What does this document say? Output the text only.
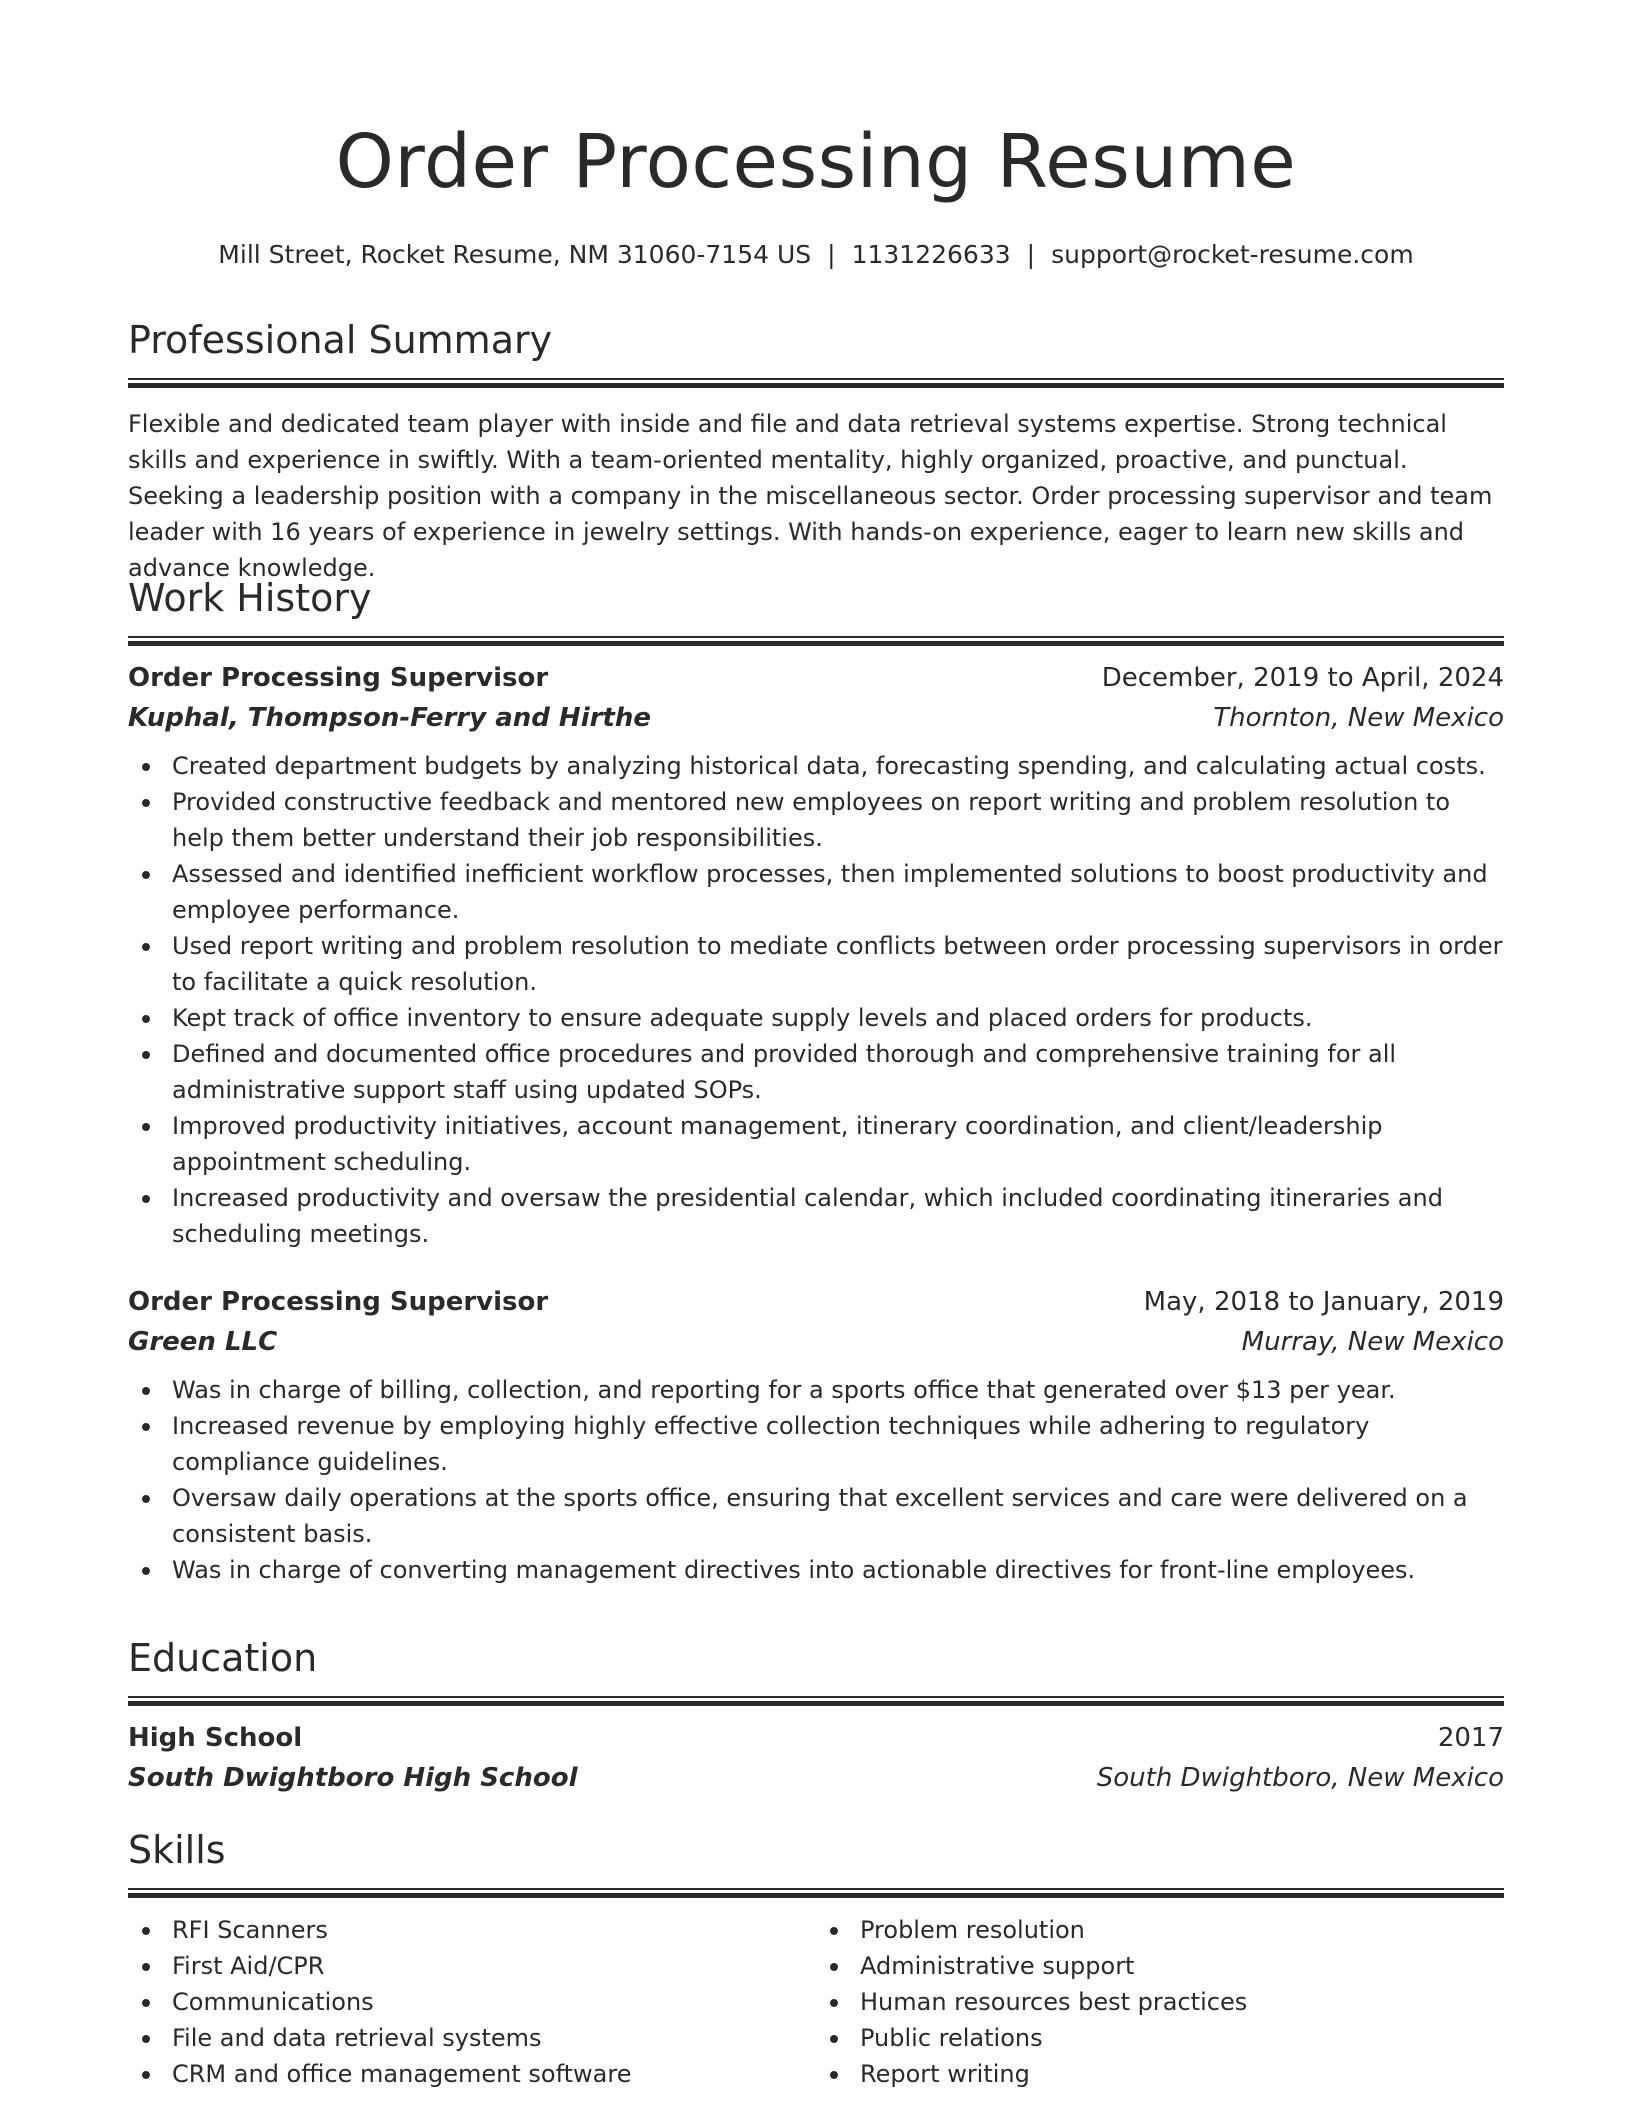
Order Processing Resume
Mill Street, Rocket Resume, NM 31060-7154 US | 1131226633 | support@rocket-resume.com
Professional Summary

Flexible and dedicated team player with inside and file and data retrieval systems expertise. Strong technical skills and experience in swiftly. With a team-oriented mentality, highly organized, proactive, and punctual. Seeking a leadership position with a company in the miscellaneous sector. Order processing supervisor and team leader with 16 years of experience in jewelry settings. With hands-on experience, eager to learn new skills and advance knowledge.

Work History
Order Processing Supervisor	December, 2019 to April, 2024
Kuphal, Thompson-Ferry and Hirthe	Thornton, New Mexico
Created department budgets by analyzing historical data, forecasting spending, and calculating actual costs.
Provided constructive feedback and mentored new employees on report writing and problem resolution to help them better understand their job responsibilities.
Assessed and identified inefficient workflow processes, then implemented solutions to boost productivity and employee performance.
Used report writing and problem resolution to mediate conflicts between order processing supervisors in order to facilitate a quick resolution.
Kept track of office inventory to ensure adequate supply levels and placed orders for products.
Defined and documented office procedures and provided thorough and comprehensive training for all administrative support staff using updated SOPs.
Improved productivity initiatives, account management, itinerary coordination, and client/leadership appointment scheduling.
Increased productivity and oversaw the presidential calendar, which included coordinating itineraries and scheduling meetings.
Order Processing Supervisor	May, 2018 to January, 2019
Green LLC	Murray, New Mexico
Was in charge of billing, collection, and reporting for a sports office that generated over $13 per year.
Increased revenue by employing highly effective collection techniques while adhering to regulatory compliance guidelines.
Oversaw daily operations at the sports office, ensuring that excellent services and care were delivered on a consistent basis.
Was in charge of converting management directives into actionable directives for front-line employees.
Education
High School	2017
South Dwightboro High School	South Dwightboro, New Mexico
Skills
RFI Scanners
First Aid/CPR
Communications
File and data retrieval systems
CRM and office management software
Problem resolution
Administrative support
Human resources best practices
Public relations
Report writing
